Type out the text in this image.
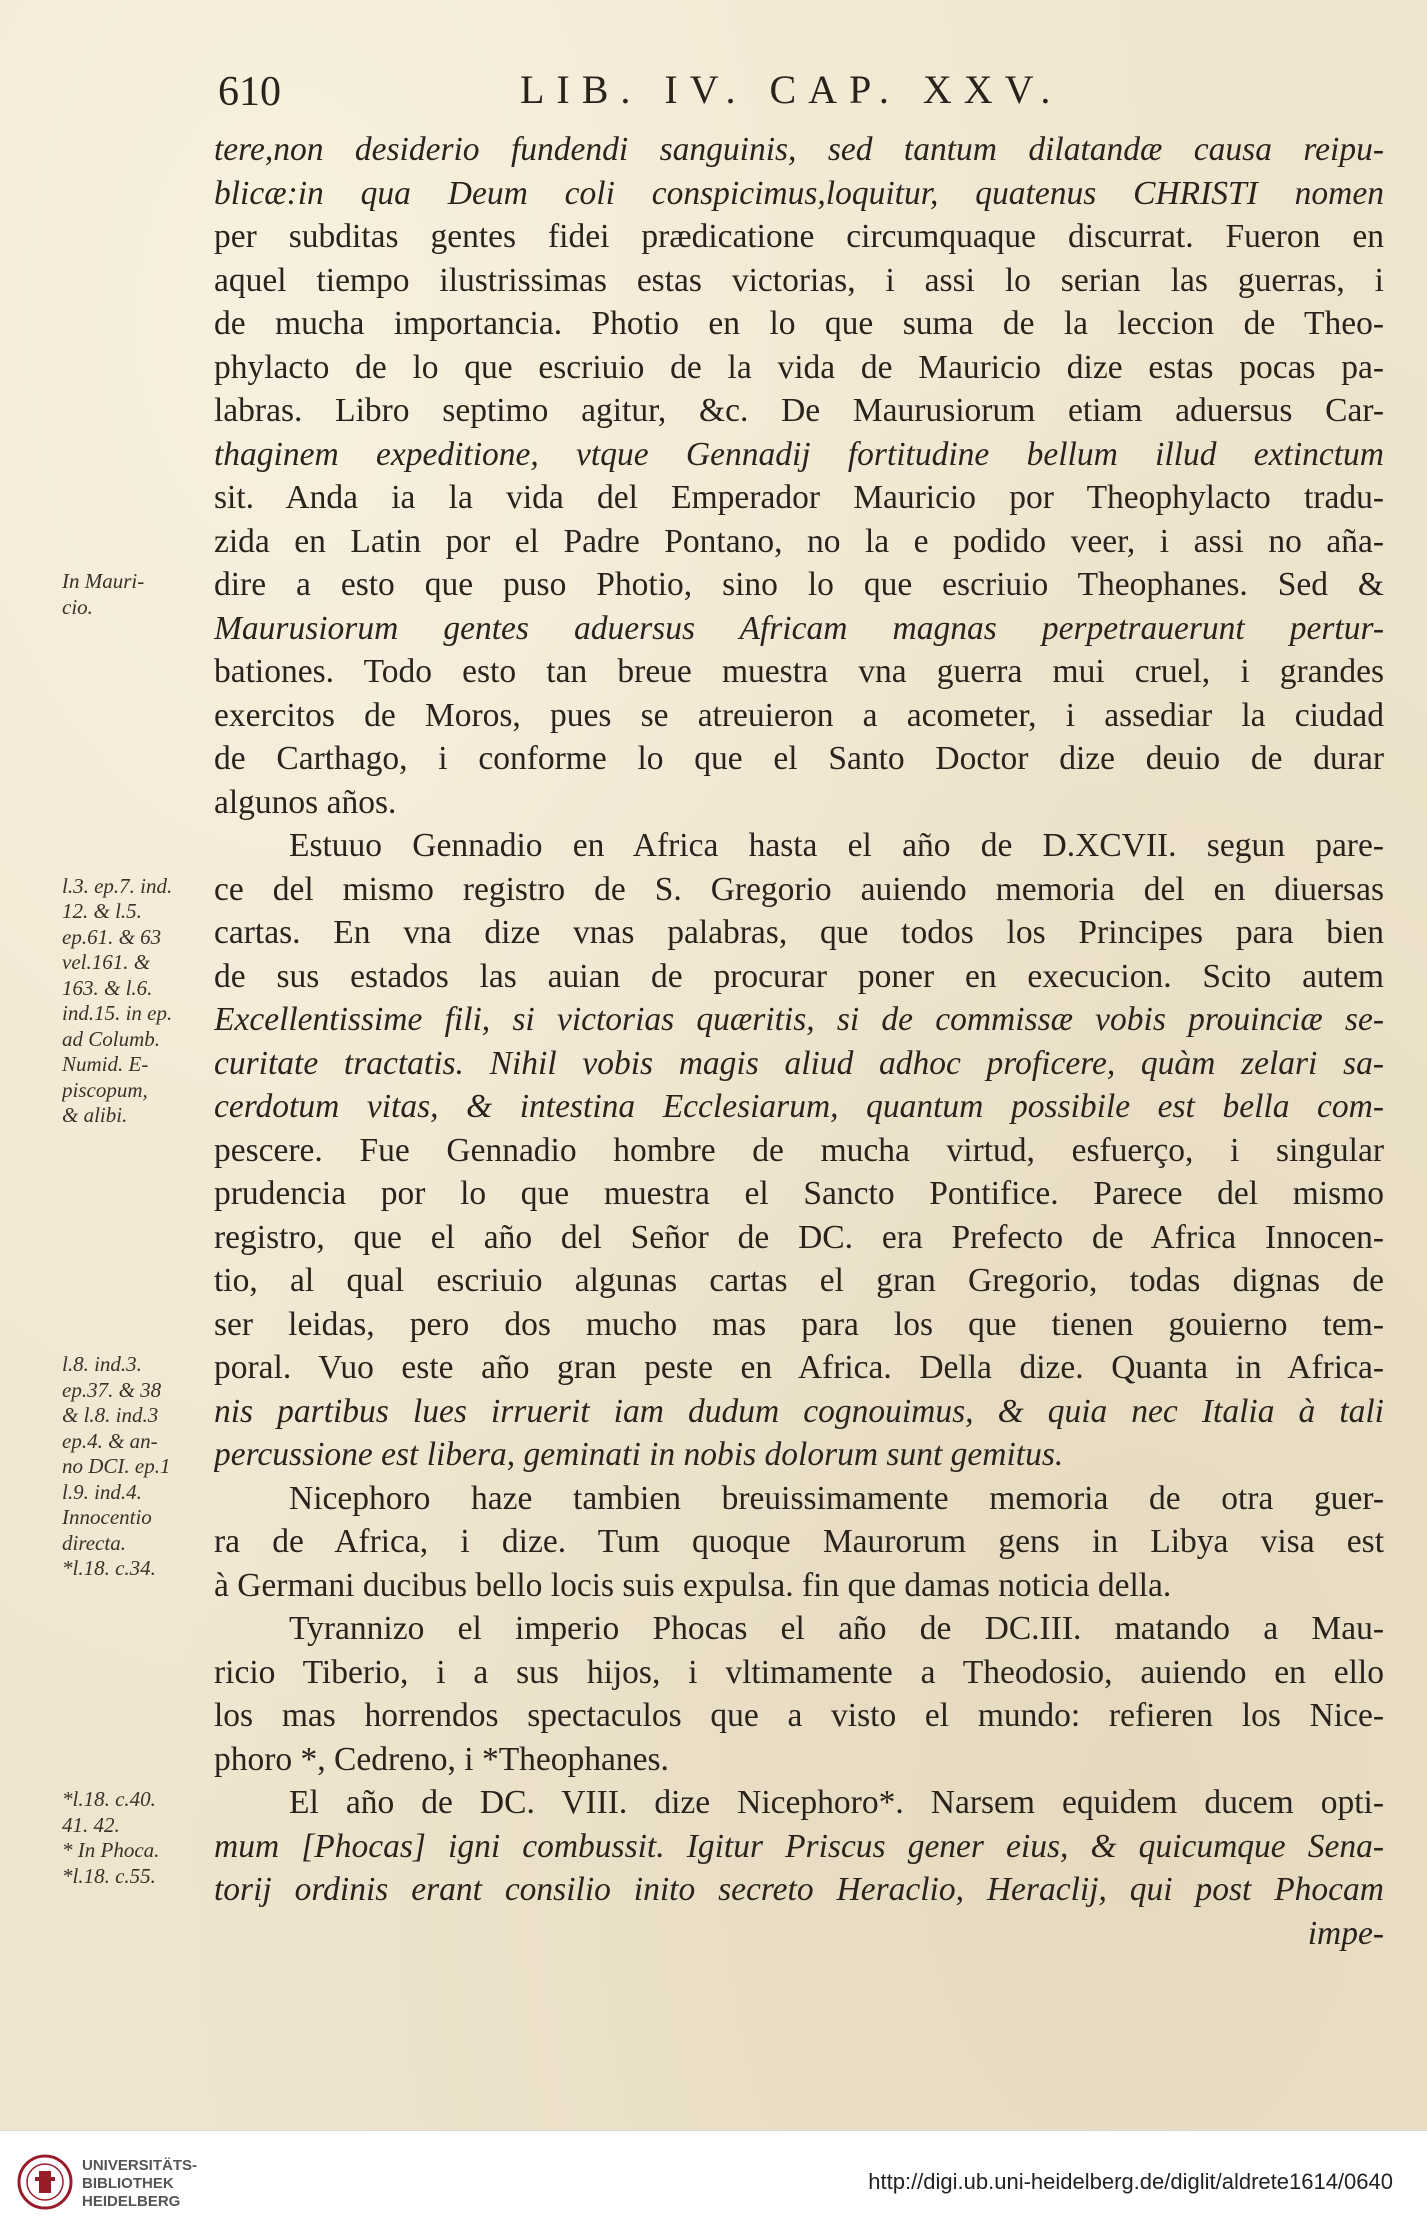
610	LIB. IV. CAP. XXV.
tere,non desiderio fundendi sanguinis, sed tantum dilatandæ causa reipu-
blicæ:in qua Deum coli conspicimus,loquitur, quatenus CHRISTI nomen
per subditas gentes fidei prædicatione circumquaque discurrat. Fueron en
aquel tiempo ilustrissimas estas victorias, i assi lo serian las guerras, i
de mucha importancia. Photio en lo que suma de la leccion de Theo-
phylacto de lo que escriuio de la vida de Mauricio dize estas pocas pa-
labras. Libro septimo agitur, &c. De Maurusiorum etiam aduersus Car-
thaginem expeditione, vtque Gennadij fortitudine bellum illud extinctum
sit. Anda ia la vida del Emperador Mauricio por Theophylacto tradu-
zida en Latin por el Padre Pontano, no la e podido veer, i assi no aña-
dire a esto que puso Photio, sino lo que escriuio Theophanes. Sed &
Maurusiorum gentes aduersus Africam magnas perpetrauerunt pertur-
bationes. Todo esto tan breue muestra vna guerra mui cruel, i grandes
exercitos de Moros, pues se atreuieron a acometer, i assediar la ciudad
de Carthago, i conforme lo que el Santo Doctor dize deuio de durar
algunos años.
Estuuo Gennadio en Africa hasta el año de D.XCVII. segun pare-
ce del mismo registro de S. Gregorio auiendo memoria del en diuersas
cartas. En vna dize vnas palabras, que todos los Principes para bien
de sus estados las auian de procurar poner en execucion. Scito autem
Excellentissime fili, si victorias quæritis, si de commissæ vobis prouinciæ se-
curitate tractatis. Nihil vobis magis aliud adhoc proficere, quàm zelari sa-
cerdotum vitas, & intestina Ecclesiarum, quantum possibile est bella com-
pescere. Fue Gennadio hombre de mucha virtud, esfuerço, i singular
prudencia por lo que muestra el Sancto Pontifice. Parece del mismo
registro, que el año del Señor de DC. era Prefecto de Africa Innocen-
tio, al qual escriuio algunas cartas el gran Gregorio, todas dignas de
ser leidas, pero dos mucho mas para los que tienen gouierno tem-
poral. Vuo este año gran peste en Africa. Della dize. Quanta in Africa-
nis partibus lues irruerit iam dudum cognouimus, & quia nec Italia à tali
percussione est libera, geminati in nobis dolorum sunt gemitus.
Nicephoro haze tambien breuissimamente memoria de otra guer-
ra de Africa, i dize. Tum quoque Maurorum gens in Libya visa est
à Germani ducibus bello locis suis expulsa. fin que damas noticia della.
Tyrannizo el imperio Phocas el año de DC.III. matando a Mau-
ricio Tiberio, i a sus hijos, i vltimamente a Theodosio, auiendo en ello
los mas horrendos spectaculos que a visto el mundo: refieren los Nice-
phoro *, Cedreno, i *Theophanes.
El año de DC. VIII. dize Nicephoro*. Narsem equidem ducem opti-
mum [Phocas] igni combussit. Igitur Priscus gener eius, & quicumque Sena-
torij ordinis erant consilio inito secreto Heraclio, Heraclij, qui post Phocam
impe-
In Mauri-
cio.
l.3. ep.7. ind.
12. & l.5.
ep.61. & 63
vel.161. &
163. & l.6.
ind.15. in ep.
ad Columb.
Numid. E-
piscopum,
& alibi.
l.8. ind.3.
ep.37. & 38
& l.8. ind.3
ep.4. & an-
no DCI. ep.1
l.9. ind.4.
Innocentio
directa.
*l.18. c.34.
*l.18. c.40.
41. 42.
* In Phoca.
*l.18. c.55.
UNIVERSITÄTS-
BIBLIOTHEK
HEIDELBERG
http://digi.ub.uni-heidelberg.de/diglit/aldrete1614/0640
